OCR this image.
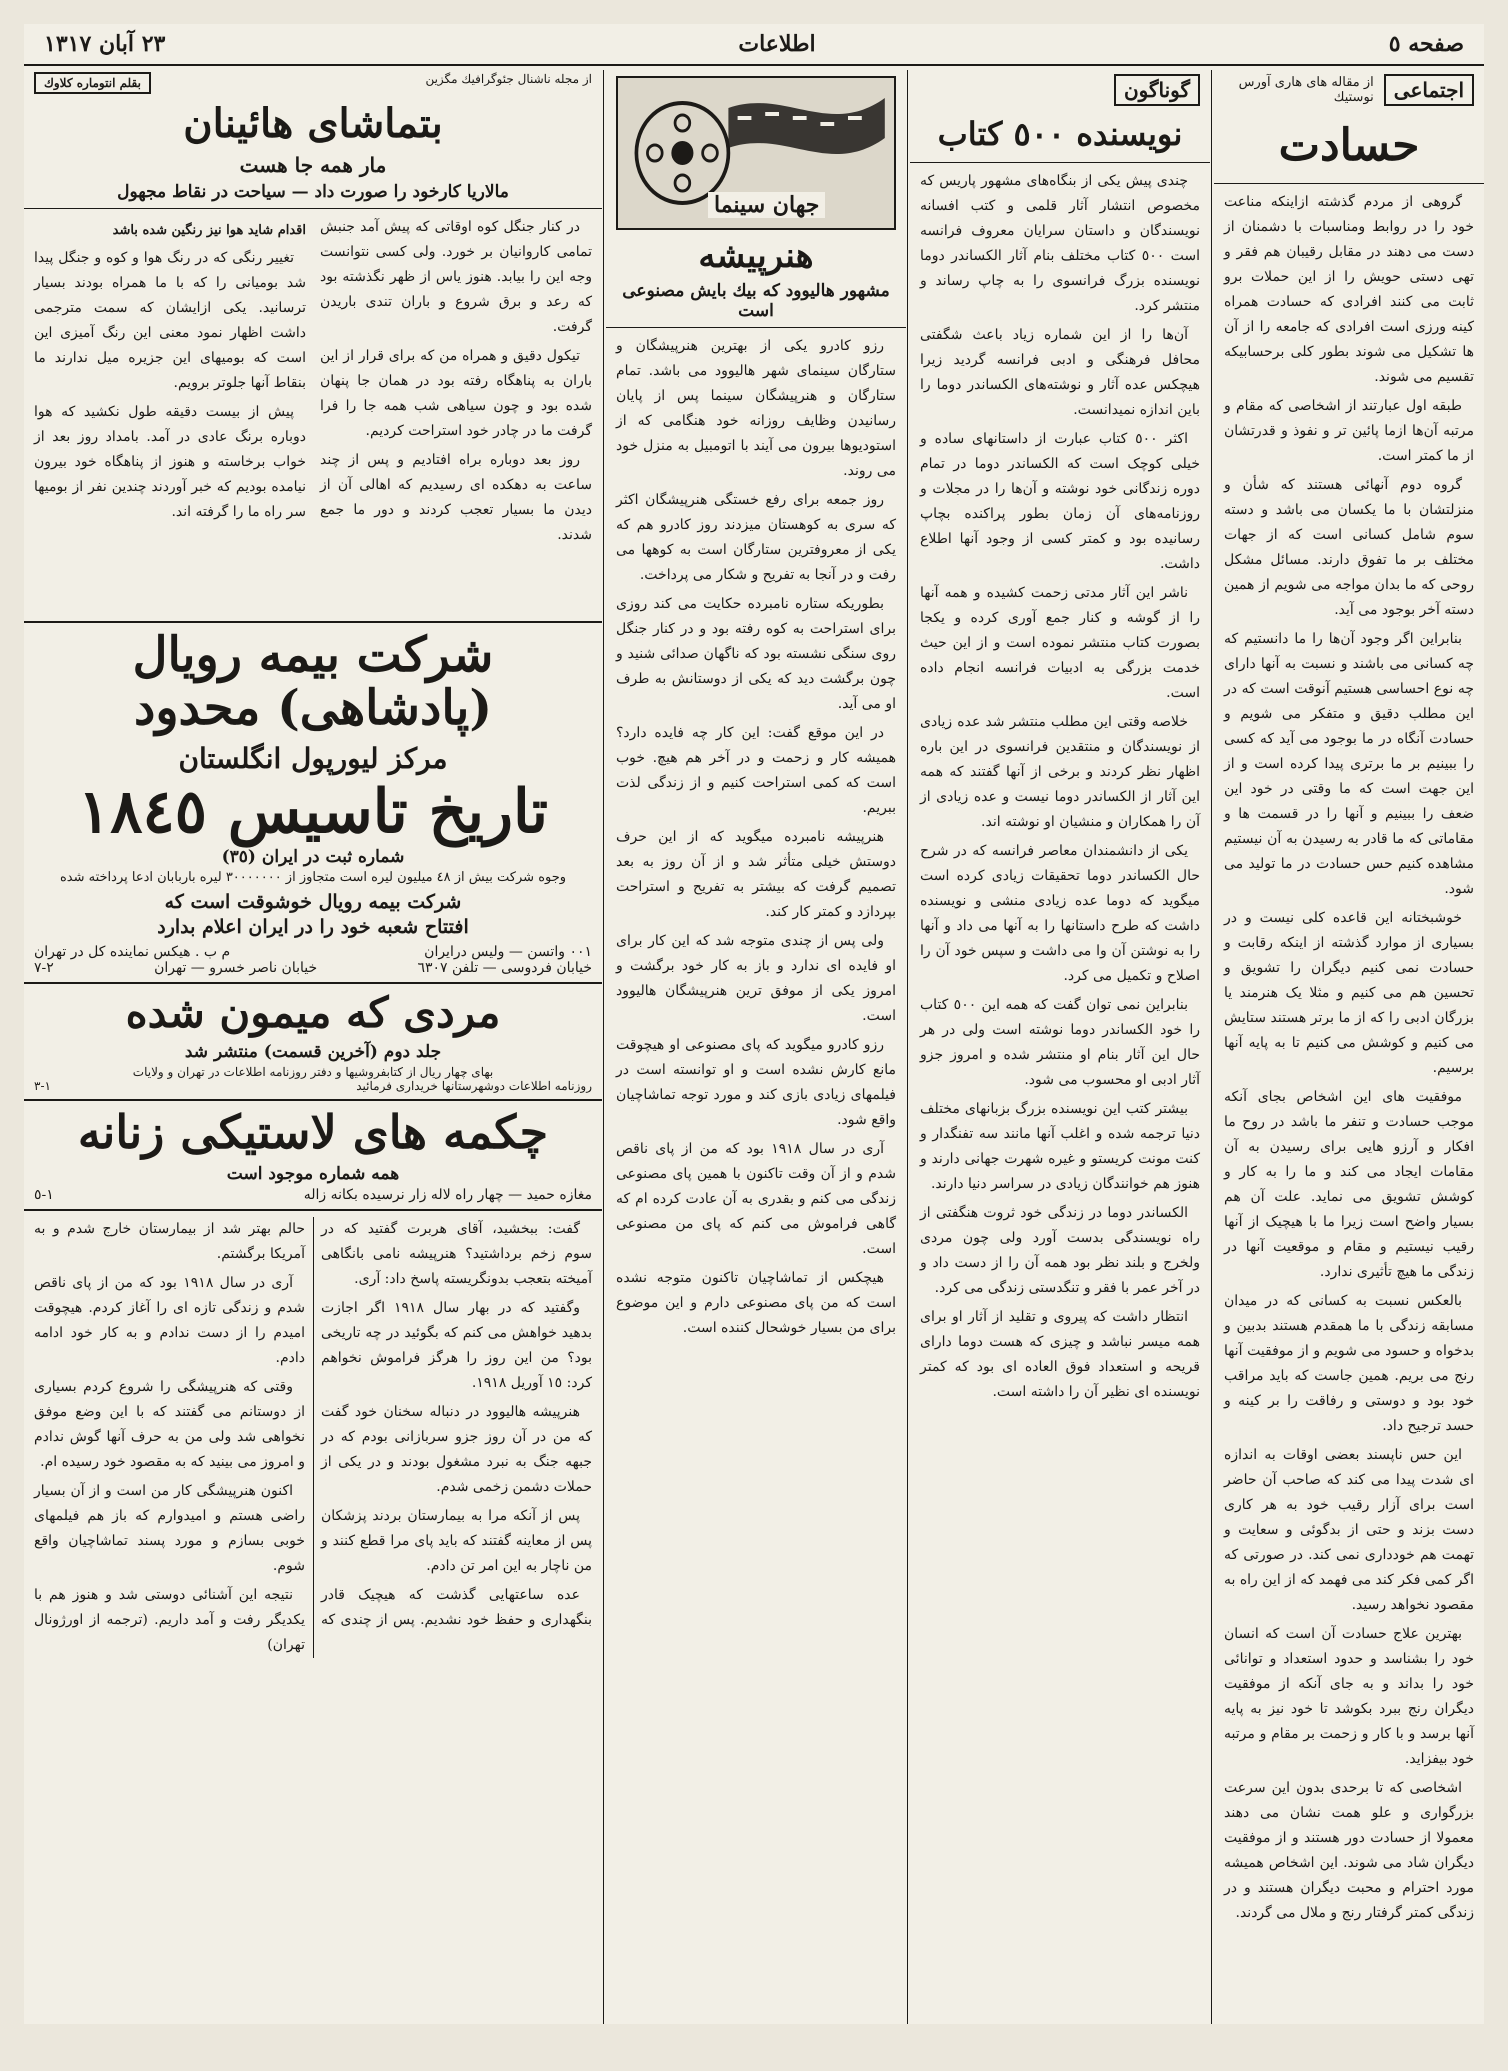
صفحه ٥
اطلاعات
٢٣ آبان ١٣١٧
اجتماعی
از مقاله های هاری آورس نوستیك
حسادت

گروهی از مردم گذشته ازاینکه مناعت خود را در روابط ومناسبات با دشمنان از دست می دهند در مقابل رقیبان هم فقر و تهی دستی حویش را از این حملات برو ثابت می کنند افرادی که حسادت همراه کینه ورزی است افرادی که جامعه را از آن ها تشکیل می شوند بطور کلی برحسابیکه تقسیم می شوند.

طبقه اول عبارتند از اشخاصی که مقام و مرتبه آن‌ها ازما پائین تر و نفوذ و قدرتشان از ما کمتر است.

گروه دوم آنهائی هستند که شأن و منزلتشان با ما یکسان می باشد و دسته سوم شامل کسانی است که از جهات مختلف بر ما تفوق دارند. مسائل مشکل روحی که ما بدان مواجه می شویم از همین دسته آخر بوجود می آید.

بنابراین اگر وجود آن‌ها را ما دانستیم که چه کسانی می باشند و نسبت به آنها دارای چه نوع احساسی هستیم آنوقت است که در این مطلب دقیق و متفکر می شویم و حسادت آنگاه در ما بوجود می آید که کسی را ببینیم بر ما برتری پیدا کرده است و از این جهت است که ما وقتی در خود این ضعف را ببینیم و آنها را در قسمت ها و مقاماتی که ما قادر به رسیدن به آن نیستیم مشاهده کنیم حس حسادت در ما تولید می شود.

خوشبختانه این قاعده کلی نیست و در بسیاری از موارد گذشته از اینکه رقابت و حسادت نمی کنیم دیگران را تشویق و تحسین هم می کنیم و مثلا یک هنرمند یا بزرگان ادبی را که از ما برتر هستند ستایش می کنیم و کوشش می کنیم تا به پایه آنها برسیم.

موفقیت های این اشخاص بجای آنکه موجب حسادت و تنفر ما باشد در روح ما افکار و آرزو هایی برای رسیدن به آن مقامات ایجاد می کند و ما را به کار و کوشش تشویق می نماید. علت آن هم بسیار واضح است زیرا ما با هیچیک از آنها رقیب نیستیم و مقام و موقعیت آنها در زندگی ما هیچ تأثیری ندارد.

بالعکس نسبت به کسانی که در میدان مسابقه زندگی با ما همقدم هستند بدبین و بدخواه و حسود می شویم و از موفقیت آنها رنج می بریم. همین جاست که باید مراقب خود بود و دوستی و رفاقت را بر کینه و حسد ترجیح داد.

این حس ناپسند بعضی اوقات به اندازه ای شدت پیدا می کند که صاحب آن حاضر است برای آزار رقیب خود به هر کاری دست بزند و حتی از بدگوئی و سعایت و تهمت هم خودداری نمی کند. در صورتی که اگر کمی فکر کند می فهمد که از این راه به مقصود نخواهد رسید.

بهترین علاج حسادت آن است که انسان خود را بشناسد و حدود استعداد و توانائی خود را بداند و به جای آنکه از موفقیت دیگران رنج ببرد بکوشد تا خود نیز به پایه آنها برسد و با کار و زحمت بر مقام و مرتبه خود بیفزاید.

اشخاصی که تا برحدی بدون این سرعت بزرگواری و علو همت نشان می دهند معمولا از حسادت دور هستند و از موفقیت دیگران شاد می شوند. این اشخاص همیشه مورد احترام و محبت دیگران هستند و در زندگی کمتر گرفتار رنج و ملال می گردند.

گوناگون
نویسنده ٥٠٠ کتاب

چندی پیش یکی از بنگاه‌های مشهور پاریس که مخصوص انتشار آثار قلمی و کتب افسانه نویسندگان و داستان سرایان معروف فرانسه است ٥٠٠ کتاب مختلف بنام آثار الکساندر دوما نویسنده بزرگ فرانسوی را به چاپ رساند و منتشر کرد.

آن‌ها را از این شماره زیاد باعث شگفتی محافل فرهنگی و ادبی فرانسه گردید زیرا هیچکس عده آثار و نوشته‌های الکساندر دوما را باین اندازه نمیدانست.

اکثر ٥٠٠ کتاب عبارت از داستانهای ساده و خیلی کوچک است که الکساندر دوما در تمام دوره زندگانی خود نوشته و آن‌ها را در مجلات و روزنامه‌های آن زمان بطور پراکنده بچاپ رسانیده بود و کمتر کسی از وجود آنها اطلاع داشت.

ناشر این آثار مدتی زحمت کشیده و همه آنها را از گوشه و کنار جمع آوری کرده و یکجا بصورت کتاب منتشر نموده است و از این حیث خدمت بزرگی به ادبیات فرانسه انجام داده است.

خلاصه وقتی این مطلب منتشر شد عده زیادی از نویسندگان و منتقدین فرانسوی در این باره اظهار نظر کردند و برخی از آنها گفتند که همه این آثار از الکساندر دوما نیست و عده زیادی از آن را همکاران و منشیان او نوشته اند.

یکی از دانشمندان معاصر فرانسه که در شرح حال الکساندر دوما تحقیقات زیادی کرده است میگوید که دوما عده زیادی منشی و نویسنده داشت که طرح داستانها را به آنها می داد و آنها را به نوشتن آن وا می داشت و سپس خود آن را اصلاح و تکمیل می کرد.

بنابراین نمی توان گفت که همه این ٥٠٠ کتاب را خود الکساندر دوما نوشته است ولی در هر حال این آثار بنام او منتشر شده و امروز جزو آثار ادبی او محسوب می شود.

بیشتر کتب این نویسنده بزرگ بزبانهای مختلف دنیا ترجمه شده و اغلب آنها مانند سه تفنگدار و کنت مونت کریستو و غیره شهرت جهانی دارند و هنوز هم خوانندگان زیادی در سراسر دنیا دارند.

الکساندر دوما در زندگی خود ثروت هنگفتی از راه نویسندگی بدست آورد ولی چون مردی ولخرج و بلند نظر بود همه آن را از دست داد و در آخر عمر با فقر و تنگدستی زندگی می کرد.

انتظار داشت که پیروی و تقلید از آثار او برای همه میسر نباشد و چیزی که هست دوما دارای قریحه و استعداد فوق العاده ای بود که کمتر نویسنده ای نظیر آن را داشته است.

جهان سینما
هنرپیشه
مشهور هالیوود که بیك بایش مصنوعی است

رزو کادرو یکی از بهترین هنرپیشگان و ستارگان سینمای شهر هالیوود می باشد. تمام ستارگان و هنرپیشگان سینما پس از پایان رسانیدن وظایف روزانه خود هنگامی که از استودیوها بیرون می آیند با اتومبیل به منزل خود می روند.

روز جمعه برای رفع خستگی هنرپیشگان اکثر که سری به کوهستان میزدند روز کادرو هم که یکی از معروفترین ستارگان است به کوهها می رفت و در آنجا به تفریح و شکار می پرداخت.

بطوریکه ستاره نامبرده حکایت می کند روزی برای استراحت به کوه رفته بود و در کنار جنگل روی سنگی نشسته بود که ناگهان صدائی شنید و چون برگشت دید که یکی از دوستانش به طرف او می آید.

در این موقع گفت: این کار چه فایده دارد؟ همیشه کار و زحمت و در آخر هم هیچ. خوب است که کمی استراحت کنیم و از زندگی لذت ببریم.

هنرپیشه نامبرده میگوید که از این حرف دوستش خیلی متأثر شد و از آن روز به بعد تصمیم گرفت که بیشتر به تفریح و استراحت بپردازد و کمتر کار کند.

ولی پس از چندی متوجه شد که این کار برای او فایده ای ندارد و باز به کار خود برگشت و امروز یکی از موفق ترین هنرپیشگان هالیوود است.

رزو کادرو میگوید که پای مصنوعی او هیچوقت مانع کارش نشده است و او توانسته است در فیلمهای زیادی بازی کند و مورد توجه تماشاچیان واقع شود.

آری در سال ١٩١٨ بود که من از پای ناقص شدم و از آن وقت تاکنون با همین پای مصنوعی زندگی می کنم و بقدری به آن عادت کرده ام که گاهی فراموش می کنم که پای من مصنوعی است.

هیچکس از تماشاچیان تاکنون متوجه نشده است که من پای مصنوعی دارم و این موضوع برای من بسیار خوشحال کننده است.

از مجله ناشنال جئوگرافیك مگزین
بقلم انتوماره کلاوك
بتماشای هائینان
مار همه جا هست
مالاریا کارخود را صورت داد — سیاحت در نقاط مجهول

در کنار جنگل کوه اوقاتی که پیش آمد جنبش تمامی کاروانیان بر خورد. ولی کسی نتوانست وجه این را بیابد. هنوز یاس از ظهر نگذشته بود که رعد و برق شروع و باران تندی باریدن گرفت.

تیکول دقیق و همراه من که برای قرار از این باران به پناهگاه رفته بود در همان جا پنهان شده بود و چون سیاهی شب همه جا را فرا گرفت ما در چادر خود استراحت کردیم.

روز بعد دوباره براه افتادیم و پس از چند ساعت به دهکده ای رسیدیم که اهالی آن از دیدن ما بسیار تعجب کردند و دور ما جمع شدند.

اقدام شاید هوا نیز رنگین شده باشد

تغییر رنگی که در رنگ هوا و کوه و جنگل پیدا شد بومیانی را که با ما همراه بودند بسیار ترسانید. یکی ازایشان که سمت مترجمی داشت اظهار نمود معنی این رنگ آمیزی این است که بومیهای این جزیره میل ندارند ما بنقاط آنها جلوتر برویم.

پیش از بیست دقیقه طول نکشید که هوا دوباره برنگ عادی در آمد. بامداد روز بعد از خواب برخاسته و هنوز از پناهگاه خود بیرون نیامده بودیم که خبر آوردند چندین نفر از بومیها سر راه ما را گرفته اند.

شرکت بیمه رویال (پادشاهی) محدود
مرکز لیورپول انگلستان
تاریخ تاسیس ١٨٤٥
شماره ثبت در ایران (٣٥)
وجوه شرکت بیش از ٤٨ میلیون لیره است متجاوز از ٣٠٠٠٠٠٠٠ لیره باربابان ادعا پرداخته شده
شرکت بیمه رویال خوشوقت است که
افتتاح شعبه خود را در ایران اعلام بدارد
٠٠١ واتسن — ولیس درایران
م ب . هیکس نماینده کل در تهران
خیابان فردوسی — تلفن ٦٣٠٧
خیابان ناصر خسرو — تهران
٢-٧
مردی که میمون شده
جلد دوم (آخرین قسمت) منتشر شد
بهای چهار ریال از کتابفروشیها و دفتر روزنامه اطلاعات در تهران و ولایات
روزنامه اطلاعات دوشهرستانها خریداری فرمائید
١-٣
چکمه های لاستیکی زنانه
همه شماره موجود است
مغازه حمید — چهار راه لاله زار نرسیده بکانه زاله
١-٥

گفت: ببخشید، آقای هربرت گفتید که در سوم زخم برداشتید؟ هنرپیشه نامی بانگاهی آمیخته بتعجب بدونگریسته پاسخ داد: آری.

وگفتید که در بهار سال ١٩١٨ اگر اجازت بدهید خواهش می کنم که بگوئید در چه تاریخی بود؟ من این روز را هرگز فراموش نخواهم کرد: ١٥ آوریل ١٩١٨.

هنرپیشه هالیوود در دنباله سخنان خود گفت که من در آن روز جزو سربازانی بودم که در جبهه جنگ به نبرد مشغول بودند و در یکی از حملات دشمن زخمی شدم.

پس از آنکه مرا به بیمارستان بردند پزشکان پس از معاینه گفتند که باید پای مرا قطع کنند و من ناچار به این امر تن دادم.

عده ساعتهایی گذشت که هیچیک قادر بنگهداری و حفظ خود نشدیم. پس از چندی که حالم بهتر شد از بیمارستان خارج شدم و به آمریکا برگشتم.

آری در سال ١٩١٨ بود که من از پای ناقص شدم و زندگی تازه ای را آغاز کردم. هیچوقت امیدم را از دست ندادم و به کار خود ادامه دادم.

وقتی که هنرپیشگی را شروع کردم بسیاری از دوستانم می گفتند که با این وضع موفق نخواهی شد ولی من به حرف آنها گوش ندادم و امروز می بینید که به مقصود خود رسیده ام.

اکنون هنرپیشگی کار من است و از آن بسیار راضی هستم و امیدوارم که باز هم فیلمهای خوبی بسازم و مورد پسند تماشاچیان واقع شوم.

نتیجه این آشنائی دوستی شد و هنوز هم با یکدیگر رفت و آمد داریم. (ترجمه از اورژونال تهران)
